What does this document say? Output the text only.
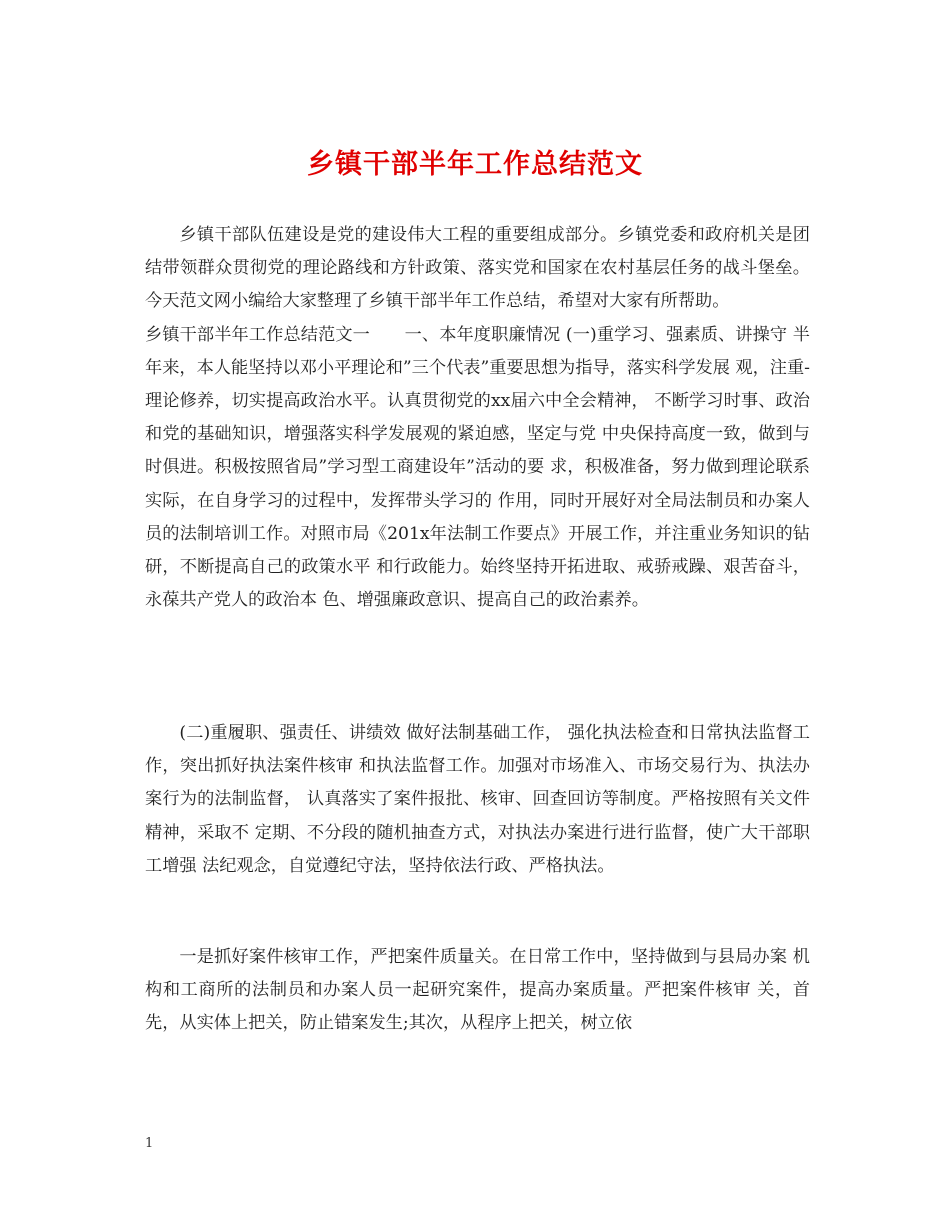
乡镇干部半年工作总结范文

乡镇干部队伍建设是党的建设伟大工程的重要组成部分。乡镇党委和政府机关是团结带领群众贯彻党的理论路线和方针政策、落实党和国家在农村基层任务的战斗堡垒。今天范文网小编给大家整理了乡镇干部半年工作总结，希望对大家有所帮助。

乡镇干部半年工作总结范文一　　一、本年度职廉情况 (一)重学习、强素质、讲操守 半年来，本人能坚持以邓小平理论和”三个代表”重要思想为指导，落实科学发展 观，注重-理论修养，切实提高政治水平。认真贯彻党的xx届六中全会精神， 不断学习时事、政治和党的基础知识，增强落实科学发展观的紧迫感，坚定与党 中央保持高度一致，做到与时俱进。积极按照省局”学习型工商建设年”活动的要 求，积极准备，努力做到理论联系实际，在自身学习的过程中，发挥带头学习的 作用，同时开展好对全局法制员和办案人员的法制培训工作。对照市局《201x年法制工作要点》开展工作，并注重业务知识的钻研，不断提高自己的政策水平 和行政能力。始终坚持开拓进取、戒骄戒躁、艰苦奋斗，永葆共产党人的政治本 色、增强廉政意识、提高自己的政治素养。

(二)重履职、强责任、讲绩效 做好法制基础工作， 强化执法检查和日常执法监督工作，突出抓好执法案件核审 和执法监督工作。加强对市场准入、市场交易行为、执法办案行为的法制监督， 认真落实了案件报批、核审、回查回访等制度。严格按照有关文件精神，采取不 定期、不分段的随机抽查方式，对执法办案进行进行监督，使广大干部职工增强 法纪观念，自觉遵纪守法，坚持依法行政、严格执法。

一是抓好案件核审工作，严把案件质量关。在日常工作中，坚持做到与县局办案 机构和工商所的法制员和办案人员一起研究案件，提高办案质量。严把案件核审 关，首先，从实体上把关，防止错案发生;其次，从程序上把关，树立依

1
